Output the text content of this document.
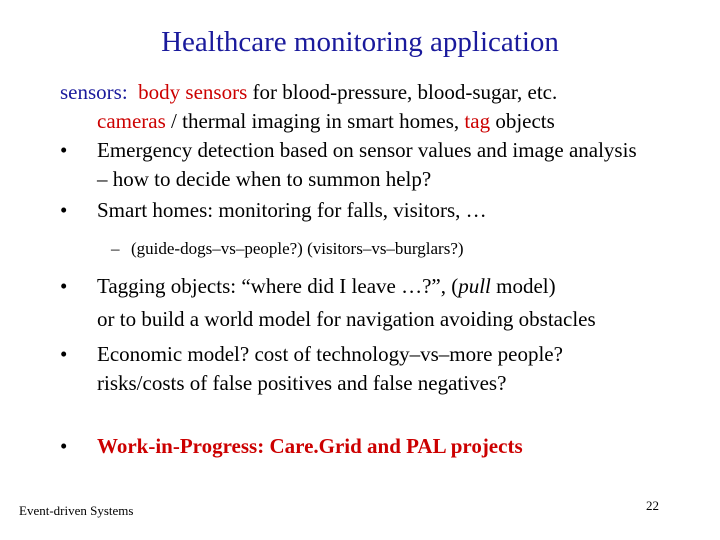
Healthcare monitoring application
sensors: body sensors for blood-pressure, blood-sugar, etc.
cameras / thermal imaging in smart homes, tag objects
• Emergency detection based on sensor values and image analysis
– how to decide when to summon help?
• Smart homes: monitoring for falls, visitors, …
– (guide-dogs–vs–people?) (visitors–vs–burglars?)
• Tagging objects: “where did I leave …?”, (pull model)
or to build a world model for navigation avoiding obstacles
• Economic model? cost of technology–vs–more people?
risks/costs of false positives and false negatives?
• Work-in-Progress: Care.Grid and PAL projects
Event-driven Systems	22
